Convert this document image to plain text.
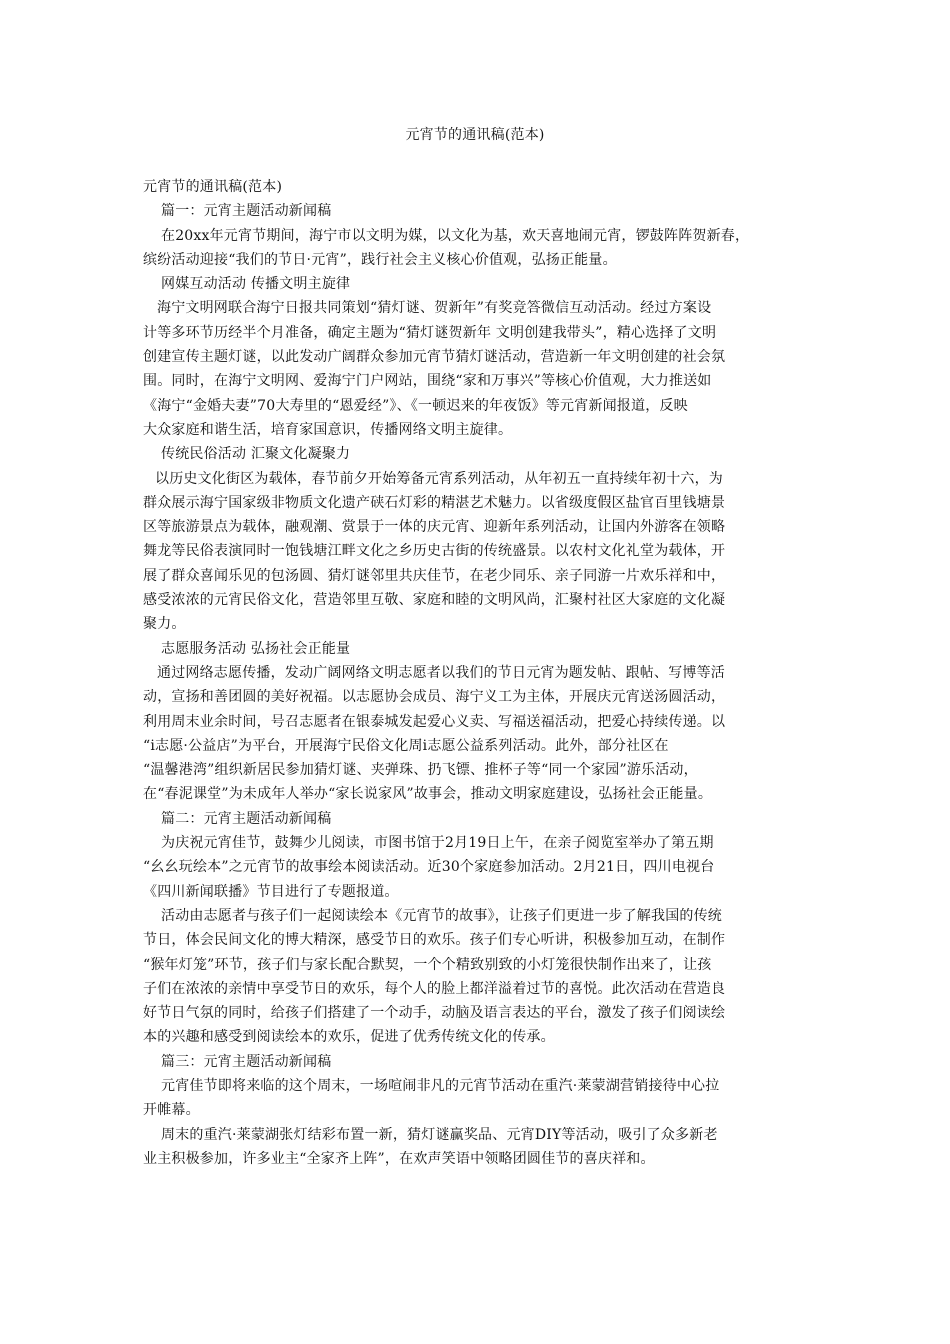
元宵节的通讯稿(范本)
元宵节的通讯稿(范本)
篇一：元宵主题活动新闻稿
在20xx年元宵节期间，海宁市以文明为媒，以文化为基，欢天喜地闹元宵，锣鼓阵阵贺新春，
缤纷活动迎接“我们的节日·元宵”，践行社会主义核心价值观，弘扬正能量。
网媒互动活动 传播文明主旋律
海宁文明网联合海宁日报共同策划“猜灯谜、贺新年”有奖竞答微信互动活动。经过方案设
计等多环节历经半个月准备，确定主题为“猜灯谜贺新年 文明创建我带头”，精心选择了文明
创建宣传主题灯谜，以此发动广阔群众参加元宵节猜灯谜活动，营造新一年文明创建的社会氛
围。同时，在海宁文明网、爱海宁门户网站，围绕“家和万事兴”等核心价值观，大力推送如
《海宁“金婚夫妻”70大寿里的“恩爱经”》、《一顿迟来的年夜饭》等元宵新闻报道，反映
大众家庭和谐生活，培育家国意识，传播网络文明主旋律。
传统民俗活动 汇聚文化凝聚力
以历史文化街区为载体，春节前夕开始筹备元宵系列活动，从年初五一直持续年初十六，为
群众展示海宁国家级非物质文化遗产硖石灯彩的精湛艺术魅力。以省级度假区盐官百里钱塘景
区等旅游景点为载体，融观潮、赏景于一体的庆元宵、迎新年系列活动，让国内外游客在领略
舞龙等民俗表演同时一饱钱塘江畔文化之乡历史古街的传统盛景。以农村文化礼堂为载体，开
展了群众喜闻乐见的包汤圆、猜灯谜邻里共庆佳节，在老少同乐、亲子同游一片欢乐祥和中，
感受浓浓的元宵民俗文化，营造邻里互敬、家庭和睦的文明风尚，汇聚村社区大家庭的文化凝
聚力。
志愿服务活动 弘扬社会正能量
通过网络志愿传播，发动广阔网络文明志愿者以我们的节日元宵为题发帖、跟帖、写博等活
动，宣扬和善团圆的美好祝福。以志愿协会成员、海宁义工为主体，开展庆元宵送汤圆活动，
利用周末业余时间，号召志愿者在银泰城发起爱心义卖、写福送福活动，把爱心持续传递。以
“i志愿·公益店”为平台，开展海宁民俗文化周i志愿公益系列活动。此外，部分社区在
“温馨港湾”组织新居民参加猜灯谜、夹弹珠、扔飞镖、推杯子等“同一个家园”游乐活动，
在“春泥课堂”为未成年人举办“家长说家风”故事会，推动文明家庭建设，弘扬社会正能量。
篇二：元宵主题活动新闻稿
为庆祝元宵佳节，鼓舞少儿阅读，市图书馆于2月19日上午，在亲子阅览室举办了第五期
“幺幺玩绘本”之元宵节的故事绘本阅读活动。近30个家庭参加活动。2月21日，四川电视台
《四川新闻联播》节目进行了专题报道。
活动由志愿者与孩子们一起阅读绘本《元宵节的故事》，让孩子们更进一步了解我国的传统
节日，体会民间文化的博大精深，感受节日的欢乐。孩子们专心听讲，积极参加互动，在制作
“猴年灯笼”环节，孩子们与家长配合默契，一个个精致别致的小灯笼很快制作出来了，让孩
子们在浓浓的亲情中享受节日的欢乐，每个人的脸上都洋溢着过节的喜悦。此次活动在营造良
好节日气氛的同时，给孩子们搭建了一个动手，动脑及语言表达的平台，激发了孩子们阅读绘
本的兴趣和感受到阅读绘本的欢乐，促进了优秀传统文化的传承。
篇三：元宵主题活动新闻稿
元宵佳节即将来临的这个周末，一场喧闹非凡的元宵节活动在重汽·莱蒙湖营销接待中心拉
开帷幕。
周末的重汽·莱蒙湖张灯结彩布置一新，猜灯谜赢奖品、元宵DIY等活动，吸引了众多新老
业主积极参加，许多业主“全家齐上阵”，在欢声笑语中领略团圆佳节的喜庆祥和。
